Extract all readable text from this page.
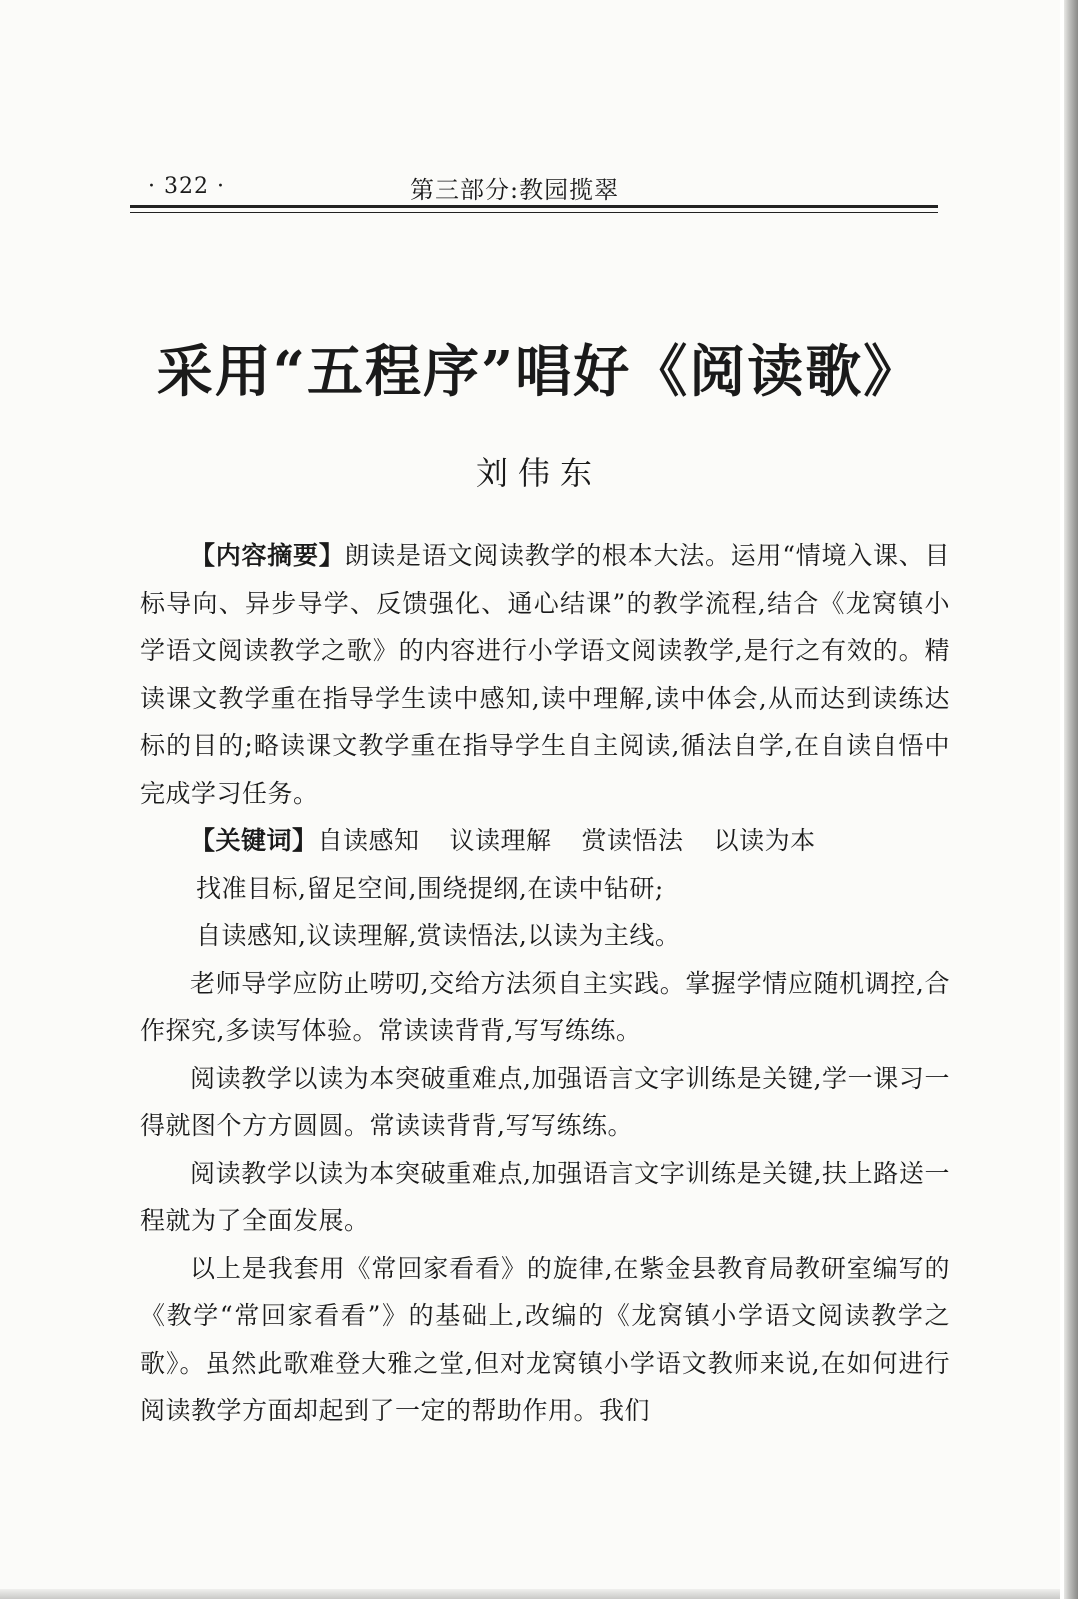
· 322 ·	第三部分:教园揽翠
采用“五程序”唱好《阅读歌》
刘伟东

【内容摘要】朗读是语文阅读教学的根本大法。运用“情境入课、目标导向、异步导学、反馈强化、通心结课”的教学流程,结合《龙窝镇小学语文阅读教学之歌》的内容进行小学语文阅读教学,是行之有效的。精读课文教学重在指导学生读中感知,读中理解,读中体会,从而达到读练达标的目的;略读课文教学重在指导学生自主阅读,循法自学,在自读自悟中完成学习任务。

【关键词】自读感知 议读理解 赏读悟法 以读为本

找准目标,留足空间,围绕提纲,在读中钻研;

自读感知,议读理解,赏读悟法,以读为主线。

老师导学应防止唠叨,交给方法须自主实践。掌握学情应随机调控,合作探究,多读写体验。常读读背背,写写练练。

阅读教学以读为本突破重难点,加强语言文字训练是关键,学一课习一得就图个方方圆圆。常读读背背,写写练练。

阅读教学以读为本突破重难点,加强语言文字训练是关键,扶上路送一程就为了全面发展。

以上是我套用《常回家看看》的旋律,在紫金县教育局教研室编写的《教学“常回家看看”》的基础上,改编的《龙窝镇小学语文阅读教学之歌》。虽然此歌难登大雅之堂,但对龙窝镇小学语文教师来说,在如何进行阅读教学方面却起到了一定的帮助作用。我们
